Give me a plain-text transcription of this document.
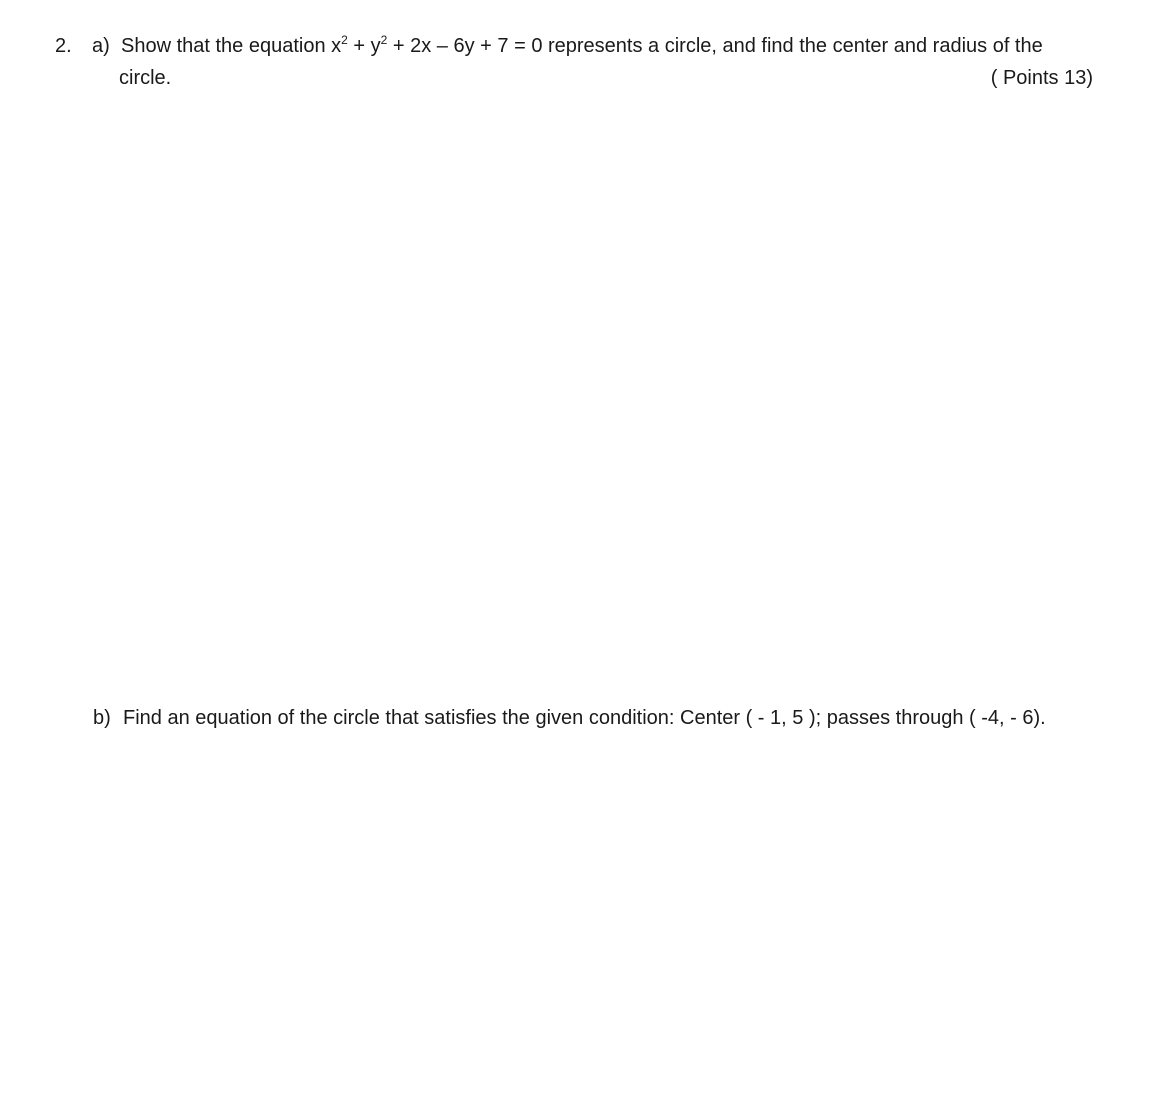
2. a) Show that the equation $x^2 + y^2 + 2x - 6y + 7 = 0$ represents a circle, and find the center and radius of the
circle.	( Points 13)
b) Find an equation of the circle that satisfies the given condition: Center ( - 1, 5 ); passes through ( -4, - 6).
